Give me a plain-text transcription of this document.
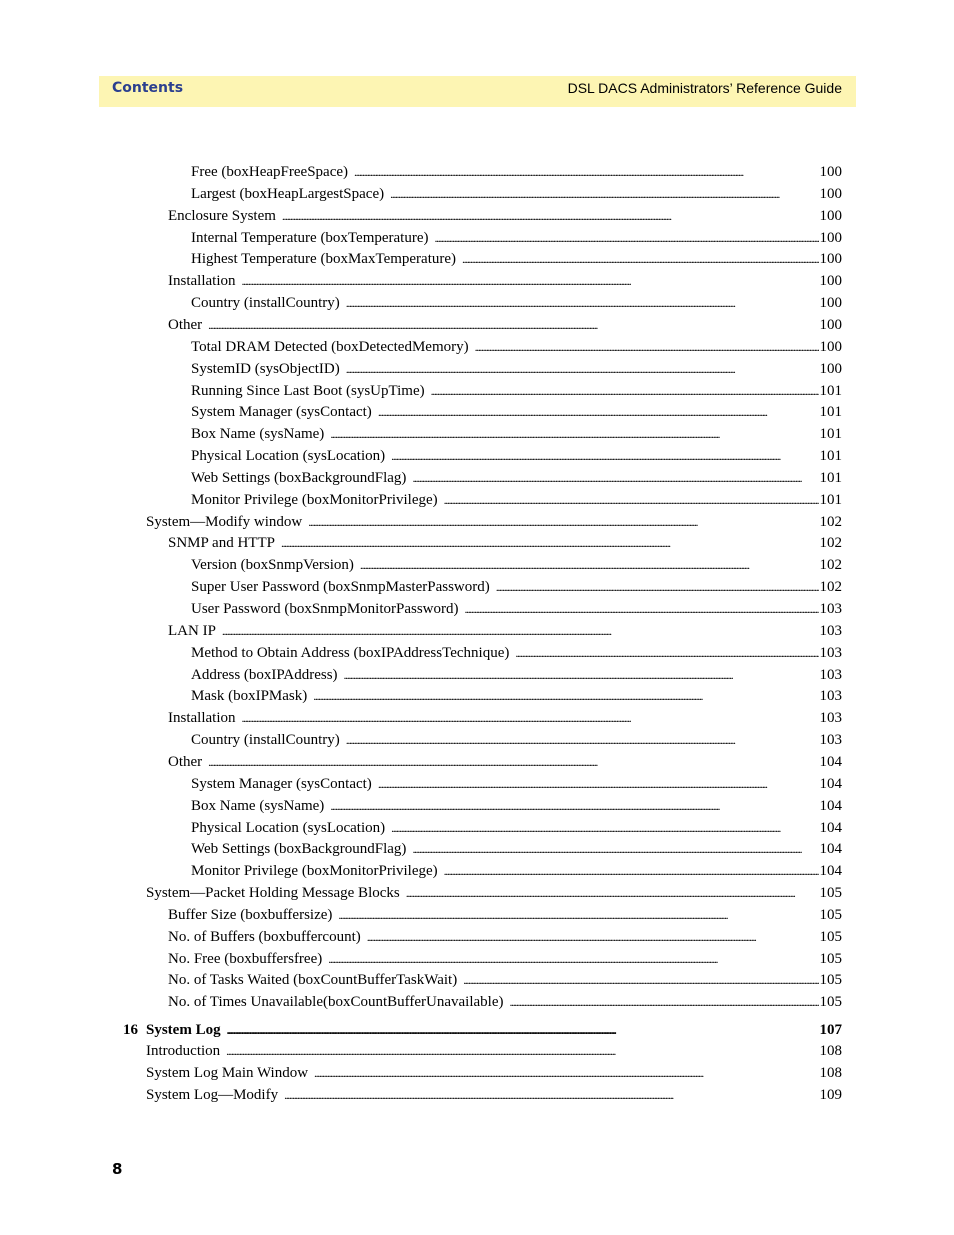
Contents	DSL DACS Administrators’ Reference Guide
8
Free (boxHeapFreeSpace) . . .	100
Largest (boxHeapLargestSpace) . . .	100
Enclosure System . . .	100
Internal Temperature (boxTemperature) . . .	100
Highest Temperature (boxMaxTemperature) . . .	100
Installation . . .	100
Country (installCountry) . . .	100
Other . . .	100
Total DRAM Detected (boxDetectedMemory) . . .	100
SystemID (sysObjectID) . . .	100
Running Since Last Boot (sysUpTime) . . .	101
System Manager (sysContact) . . .	101
Box Name (sysName) . . .	101
Physical Location (sysLocation) . . .	101
Web Settings (boxBackgroundFlag) . . .	101
Monitor Privilege (boxMonitorPrivilege) . . .	101
System—Modify window . . .	102
SNMP and HTTP . . .	102
Version (boxSnmpVersion) . . .	102
Super User Password (boxSnmpMasterPassword) . . .	102
User Password (boxSnmpMonitorPassword) . . .	103
LAN IP . . .	103
Method to Obtain Address (boxIPAddressTechnique) . . .	103
Address (boxIPAddress) . . .	103
Mask (boxIPMask) . . .	103
Installation . . .	103
Country (installCountry) . . .	103
Other . . .	104
System Manager (sysContact) . . .	104
Box Name (sysName) . . .	104
Physical Location (sysLocation) . . .	104
Web Settings (boxBackgroundFlag) . . .	104
Monitor Privilege (boxMonitorPrivilege) . . .	104
System—Packet Holding Message Blocks . . .	105
Buffer Size (boxbuffersize) . . .	105
No. of Buffers (boxbuffercount) . . .	105
No. Free (boxbuffersfree) . . .	105
No. of Tasks Waited (boxCountBufferTaskWait) . . .	105
No. of Times Unavailable(boxCountBufferUnavailable) . . .	105
16 System Log . . .	107
Introduction . . .	108
System Log Main Window . . .	108
System Log—Modify . . .	109
